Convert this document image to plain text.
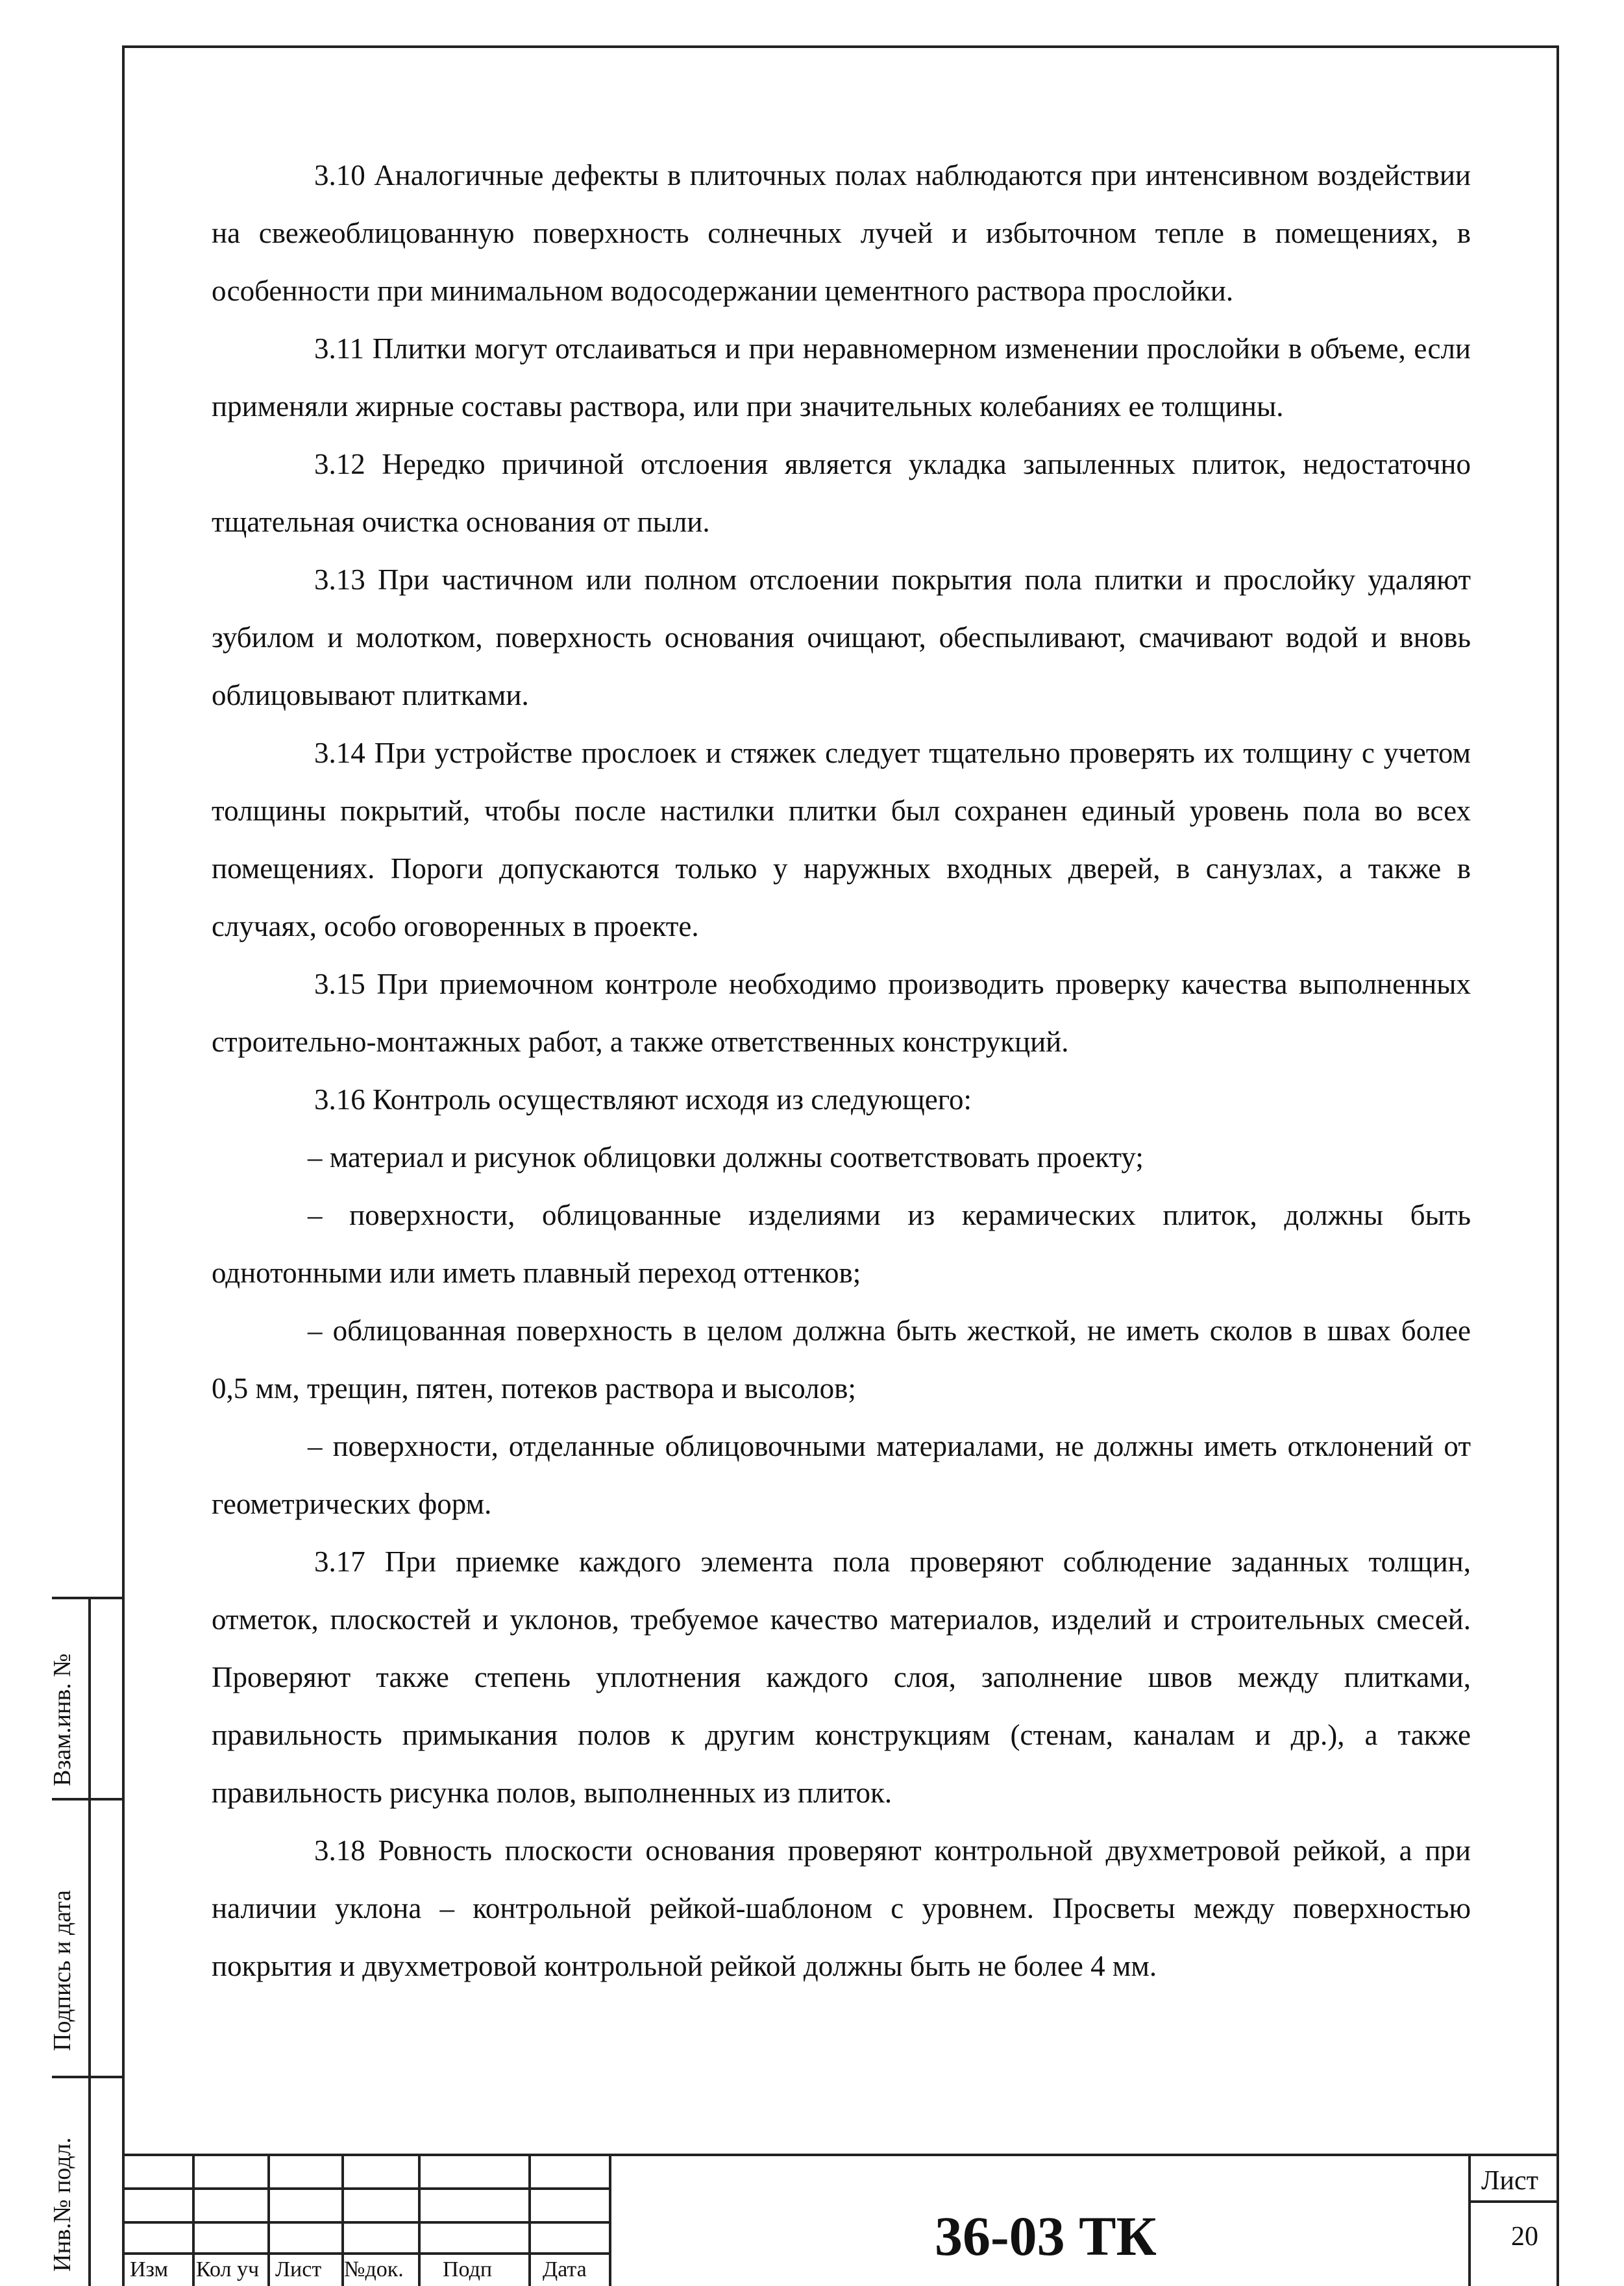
3.10 Аналогичные дефекты в плиточных полах наблюдаются при интенсивном воздействии на свежеоблицованную поверхность солнечных лучей и избыточном тепле в помещениях, в особенности при минимальном водосодержании цементного раствора прослойки.

3.11 Плитки могут отслаиваться и при неравномерном изменении прослойки в объеме, если применяли жирные составы раствора, или при значительных колебаниях ее толщины.

3.12 Нередко причиной отслоения является укладка запыленных плиток, недостаточно тщательная очистка основания от пыли.

3.13 При частичном или полном отслоении покрытия пола плитки и прослойку удаляют зубилом и молотком, поверхность основания очищают, обеспыливают, смачивают водой и вновь облицовывают плитками.

3.14 При устройстве прослоек и стяжек следует тщательно проверять их толщину с учетом толщины покрытий, чтобы после настилки плитки был сохранен единый уровень пола во всех помещениях. Пороги допускаются только у наружных входных дверей, в санузлах, а также в случаях, особо оговоренных в проекте.

3.15 При приемочном контроле необходимо производить проверку качества выполненных строительно-монтажных работ, а также ответственных конструкций.

3.16 Контроль осуществляют исходя из следующего:

– материал и рисунок облицовки должны соответствовать проекту;

– поверхности, облицованные изделиями из керамических плиток, должны быть однотонными или иметь плавный переход оттенков;

– облицованная поверхность в целом должна быть жесткой, не иметь сколов в швах более 0,5 мм, трещин, пятен, потеков раствора и высолов;

– поверхности, отделанные облицовочными материалами, не должны иметь отклонений от геометрических форм.

3.17 При приемке каждого элемента пола проверяют соблюдение заданных толщин, отметок, плоскостей и уклонов, требуемое качество материалов, изделий и строительных смесей. Проверяют также степень уплотнения каждого слоя, заполнение швов между плитками, правильность примыкания полов к другим конструкциям (стенам, каналам и др.), а также правильность рисунка полов, выполненных из плиток.

3.18 Ровность плоскости основания проверяют контрольной двухметровой рейкой, а при наличии уклона – контрольной рейкой-шаблоном с уровнем. Просветы между поверхностью покрытия и двухметровой контрольной рейкой должны быть не более 4 мм.

Взам.инв. №
Подпись и дата
Инв.№ подл. Изм Кол уч Лист №док. Подп Дата
36-03 ТК
Лист
20
